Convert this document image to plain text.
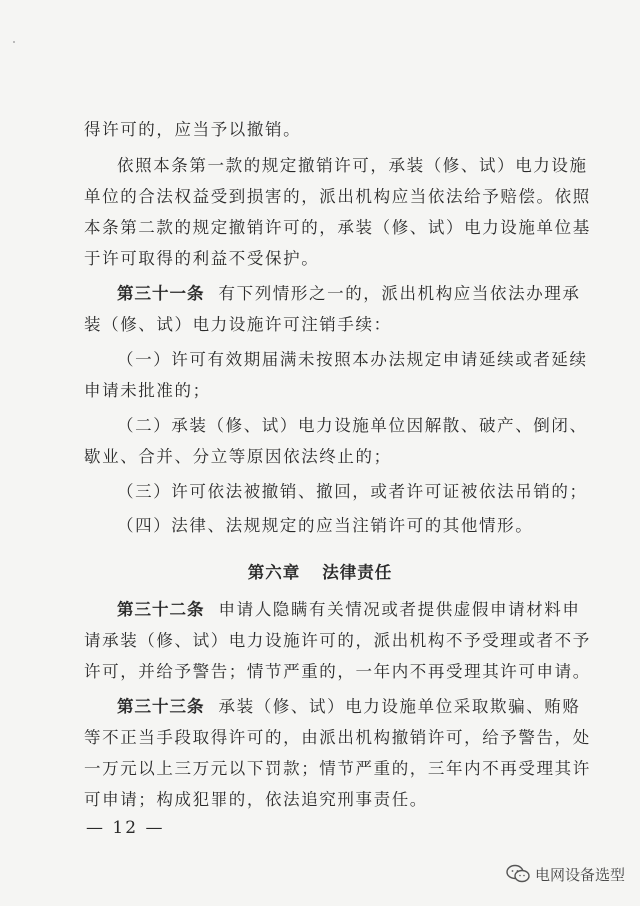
得许可的，应当予以撤销。
依照本条第一款的规定撤销许可，承装（修、试）电力设施
单位的合法权益受到损害的，派出机构应当依法给予赔偿。依照
本条第二款的规定撤销许可的，承装（修、试）电力设施单位基
于许可取得的利益不受保护。
第三十一条 有下列情形之一的，派出机构应当依法办理承
装（修、试）电力设施许可注销手续：
（一）许可有效期届满未按照本办法规定申请延续或者延续
申请未批准的；
（二）承装（修、试）电力设施单位因解散、破产、倒闭、
歇业、合并、分立等原因依法终止的；
（三）许可依法被撤销、撤回，或者许可证被依法吊销的；
（四）法律、法规规定的应当注销许可的其他情形。
第六章 法律责任
第三十二条 申请人隐瞒有关情况或者提供虚假申请材料申
请承装（修、试）电力设施许可的，派出机构不予受理或者不予
许可，并给予警告；情节严重的，一年内不再受理其许可申请。
第三十三条 承装（修、试）电力设施单位采取欺骗、贿赂
等不正当手段取得许可的，由派出机构撤销许可，给予警告，处
一万元以上三万元以下罚款；情节严重的，三年内不再受理其许
可申请；构成犯罪的，依法追究刑事责任。
— 12 —
电网设备选型
